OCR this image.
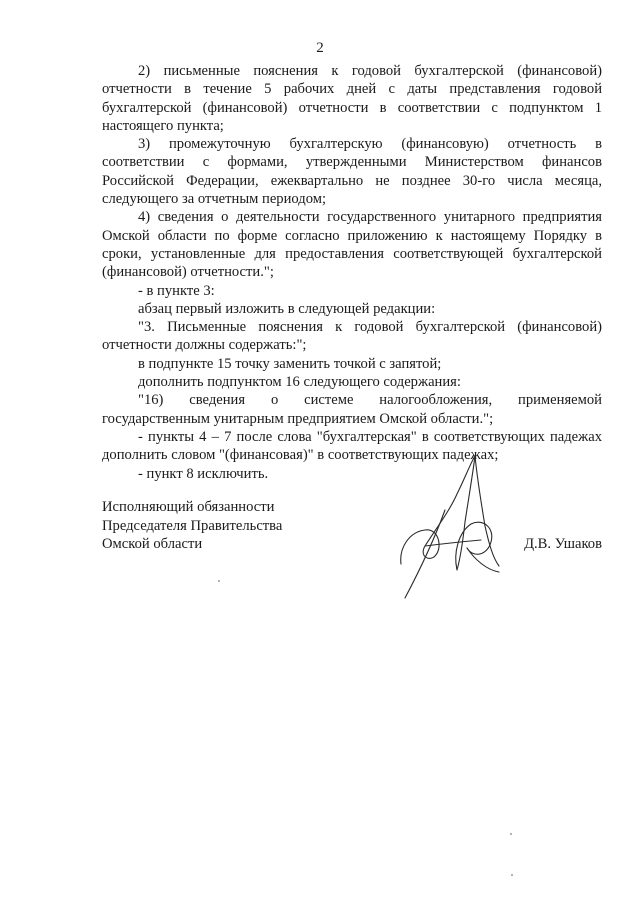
2

2) письменные пояснения к годовой бухгалтерской (финансовой) отчетности в течение 5 рабочих дней с даты представления годовой бухгалтерской (финансовой) отчетности в соответствии с подпунктом 1 настоящего пункта;

3) промежуточную бухгалтерскую (финансовую) отчетность в соответствии с формами, утвержденными Министерством финансов Российской Федерации, ежеквартально не позднее 30-го числа месяца, следующего за отчетным периодом;

4) сведения о деятельности государственного унитарного предприятия Омской области по форме согласно приложению к настоящему Порядку в сроки, установленные для предоставления соответствующей бухгалтерской (финансовой) отчетности.";

- в пункте 3:

абзац первый изложить в следующей редакции:

"3. Письменные пояснения к годовой бухгалтерской (финансовой) отчетности должны содержать:";

в подпункте 15 точку заменить точкой с запятой;

дополнить подпунктом 16 следующего содержания:

"16) сведения о системе налогообложения, применяемой государственным унитарным предприятием Омской области.";

- пункты 4 – 7 после слова "бухгалтерская" в соответствующих падежах дополнить словом "(финансовая)" в соответствующих падежах;

- пункт 8 исключить.

Исполняющий обязанности
Председателя Правительства
Омской области	Д.В. Ушаков
